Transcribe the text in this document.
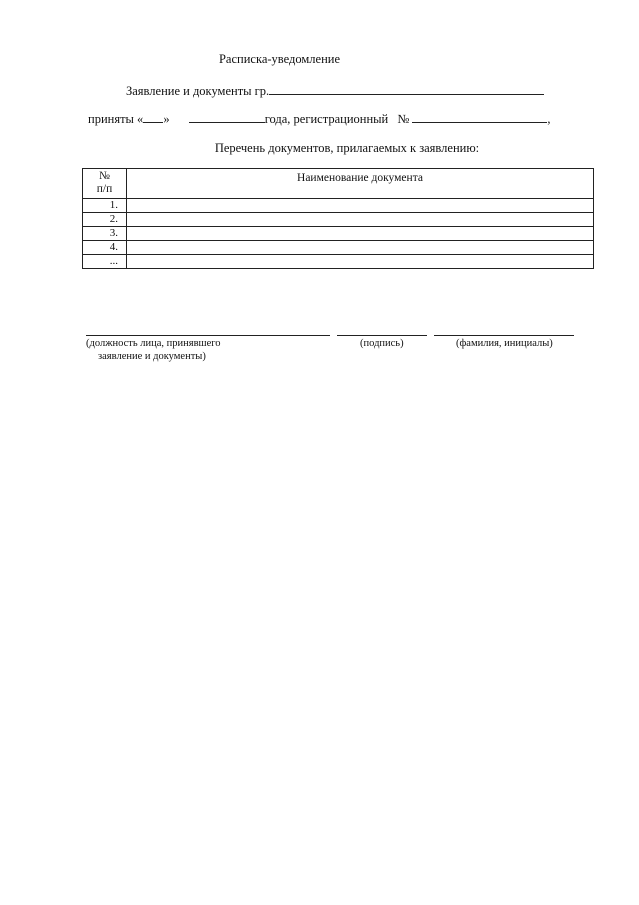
Расписка-уведомление
Заявление и документы гр.
приняты « »	года, регистрационный №	,
Перечень документов, прилагаемых к заявлению:
№
п/п	Наименование документа
1.	
2.	
3.	
4.	
...	
(должность лица, принявшего
заявление и документы)
(подпись)	(фамилия, инициалы)
